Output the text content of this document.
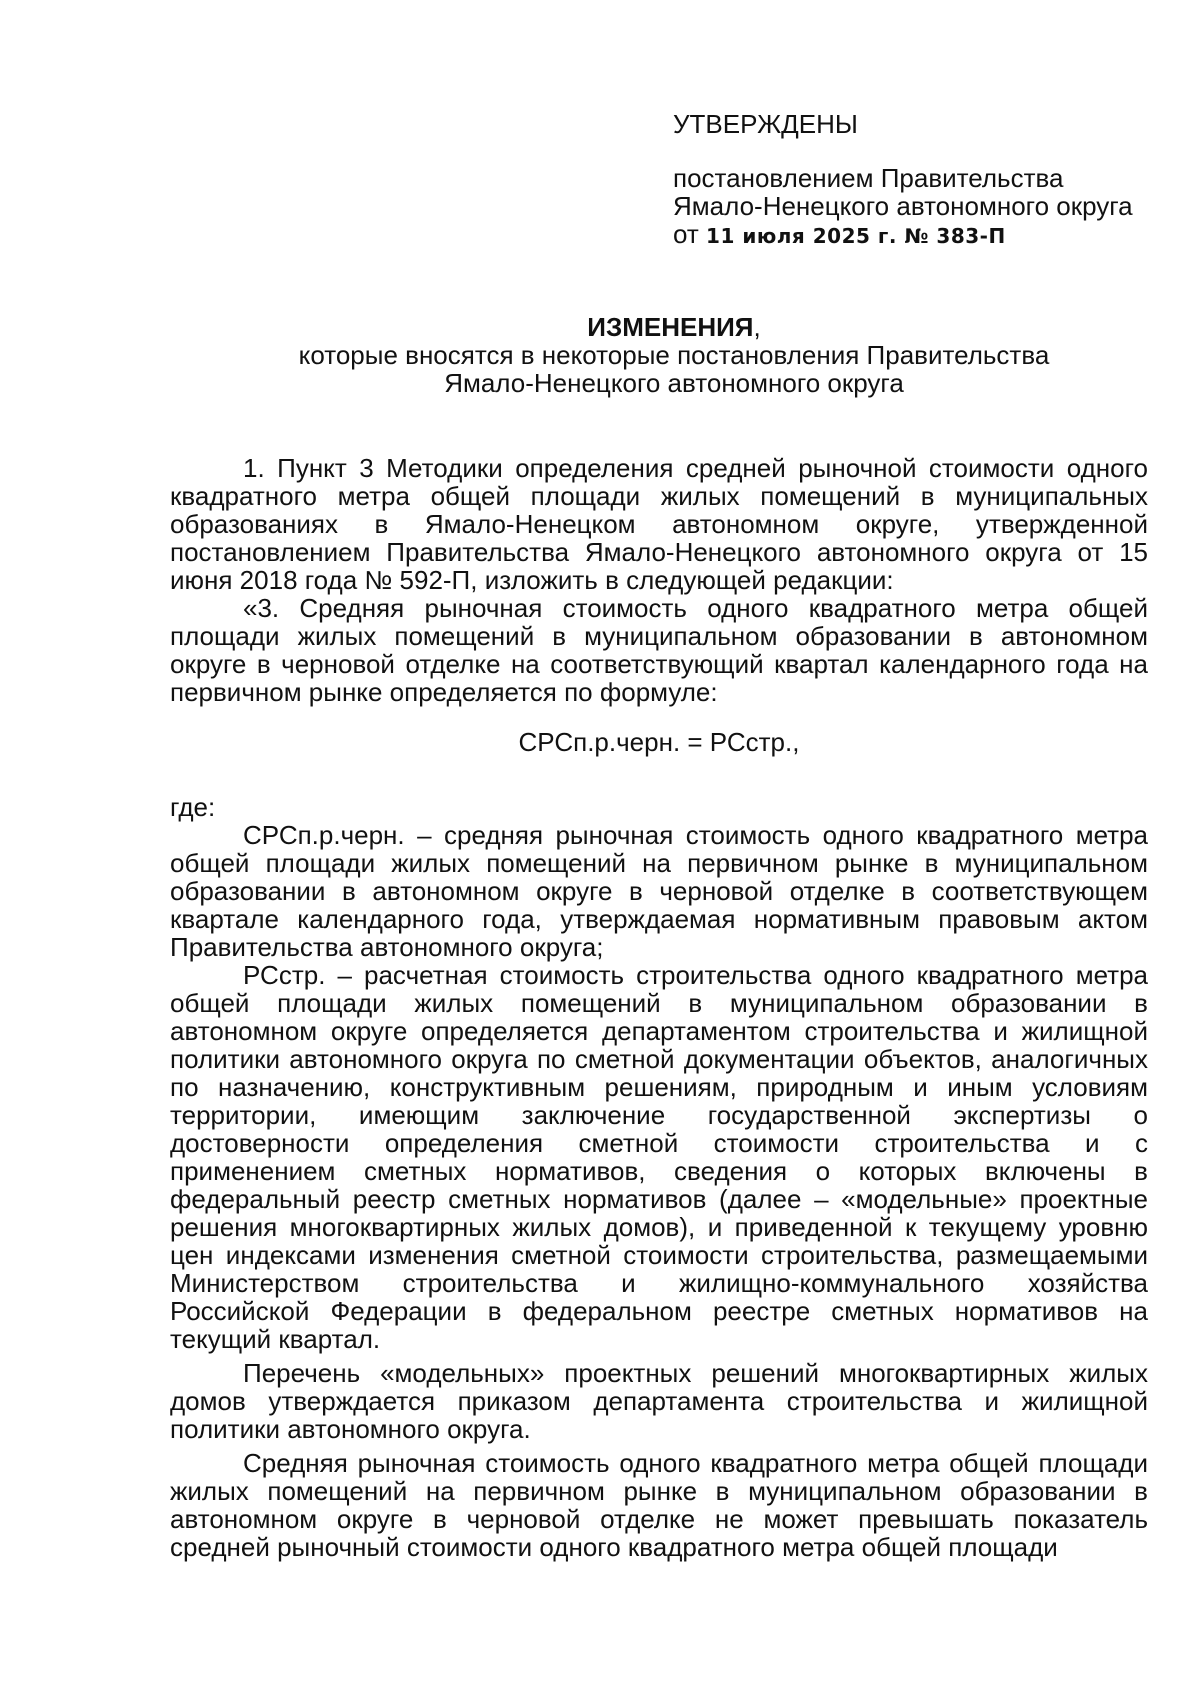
УТВЕРЖДЕНЫ
постановлением Правительства
Ямало-Ненецкого автономного округа
от 11 июля 2025 г. № 383-П
ИЗМЕНЕНИЯ,
которые вносятся в некоторые постановления Правительства
Ямало-Ненецкого автономного округа

1. Пункт 3 Методики определения средней рыночной стоимости одного квадратного метра общей площади жилых помещений в муниципальных образованиях в Ямало-Ненецком автономном округе, утвержденной постановлением Правительства Ямало-Ненецкого автономного округа от 15 июня 2018 года № 592-П, изложить в следующей редакции:

«3. Средняя рыночная стоимость одного квадратного метра общей площади жилых помещений в муниципальном образовании в автономном округе в черновой отделке на соответствующий квартал календарного года на первичном рынке определяется по формуле:

СРСп.р.черн. = РСстр.,

где:

СРСп.р.черн. – средняя рыночная стоимость одного квадратного метра общей площади жилых помещений на первичном рынке в муниципальном образовании в автономном округе в черновой отделке в соответствующем квартале календарного года, утверждаемая нормативным правовым актом Правительства автономного округа;

РСстр. – расчетная стоимость строительства одного квадратного метра общей площади жилых помещений в муниципальном образовании в автономном округе определяется департаментом строительства и жилищной политики автономного округа по сметной документации объектов, аналогичных по назначению, конструктивным решениям, природным и иным условиям территории, имеющим заключение государственной экспертизы о достоверности определения сметной стоимости строительства и с применением сметных нормативов, сведения о которых включены в федеральный реестр сметных нормативов (далее – «модельные» проектные решения многоквартирных жилых домов), и приведенной к текущему уровню цен индексами изменения сметной стоимости строительства, размещаемыми Министерством строительства и жилищно-коммунального хозяйства Российской Федерации в федеральном реестре сметных нормативов на текущий квартал.

Перечень «модельных» проектных решений многоквартирных жилых домов утверждается приказом департамента строительства и жилищной политики автономного округа.

Средняя рыночная стоимость одного квадратного метра общей площади жилых помещений на первичном рынке в муниципальном образовании в автономном округе в черновой отделке не может превышать показатель средней рыночный стоимости одного квадратного метра общей площади
